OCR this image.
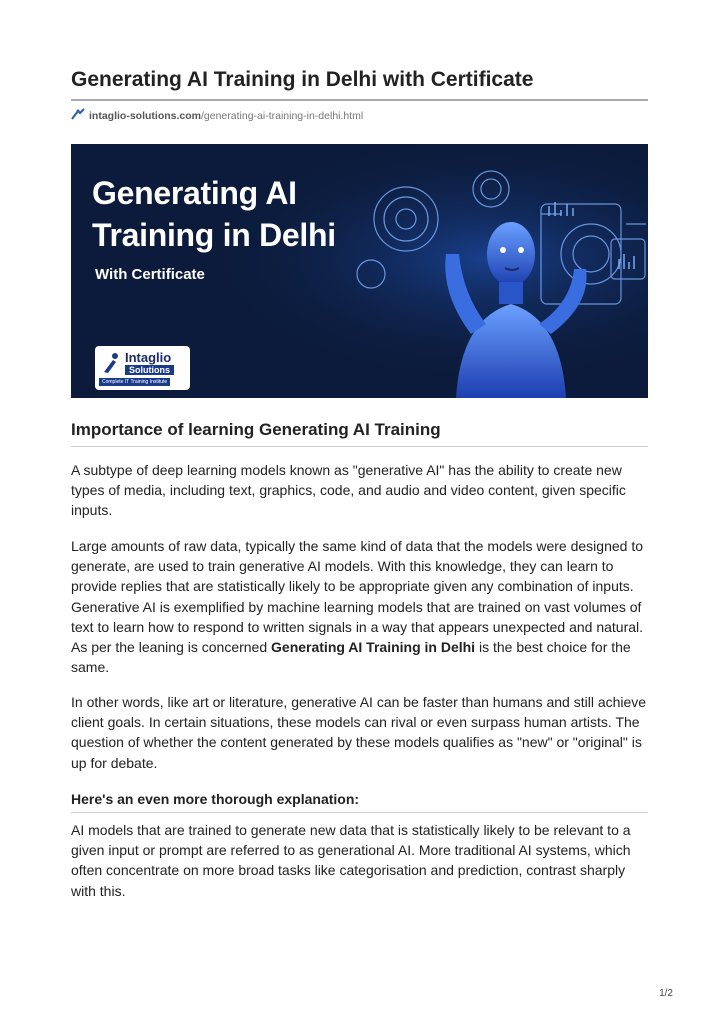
Generating AI Training in Delhi with Certificate
intaglio-solutions.com/generating-ai-training-in-delhi.html
Generating AI
Training in Delhi
With Certificate
Intaglio
Solutions
Complete IT Training Institute
Importance of learning Generating AI Training

A subtype of deep learning models known as "generative AI" has the ability to create new types of media, including text, graphics, code, and audio and video content, given specific inputs.

Large amounts of raw data, typically the same kind of data that the models were designed to generate, are used to train generative AI models. With this knowledge, they can learn to provide replies that are statistically likely to be appropriate given any combination of inputs. Generative AI is exemplified by machine learning models that are trained on vast volumes of text to learn how to respond to written signals in a way that appears unexpected and natural. As per the leaning is concerned Generating AI Training in Delhi is the best choice for the same.

In other words, like art or literature, generative AI can be faster than humans and still achieve client goals. In certain situations, these models can rival or even surpass human artists. The question of whether the content generated by these models qualifies as "new" or "original" is up for debate.

Here's an even more thorough explanation:

AI models that are trained to generate new data that is statistically likely to be relevant to a given input or prompt are referred to as generational AI. More traditional AI systems, which often concentrate on more broad tasks like categorisation and prediction, contrast sharply with this.

1/2
